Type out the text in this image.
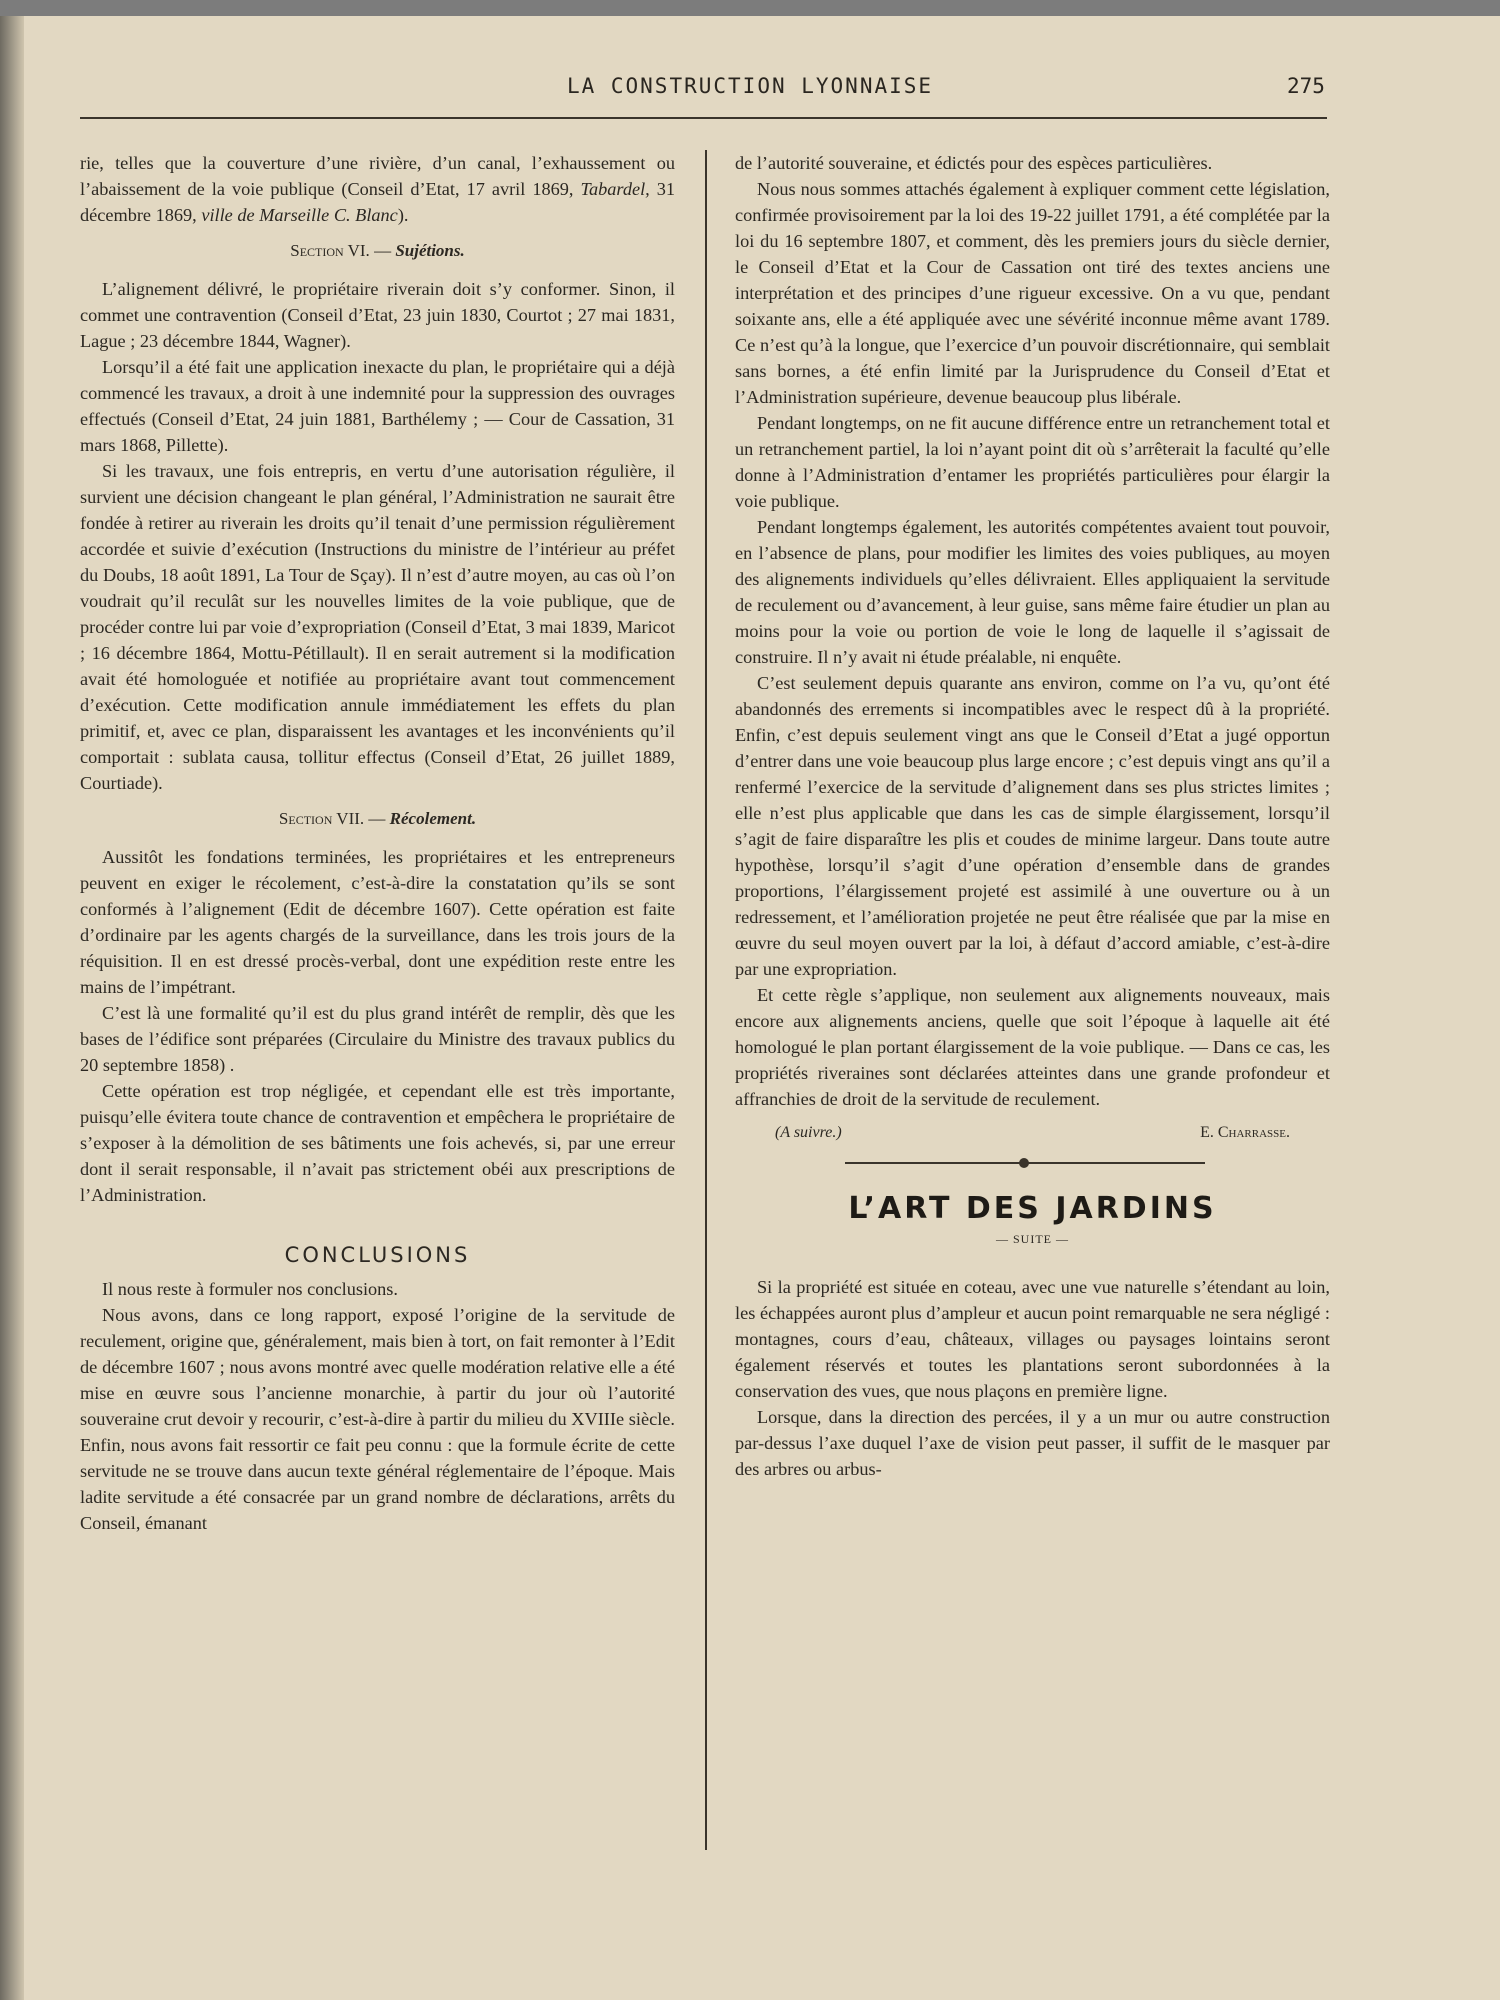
LA CONSTRUCTION LYONNAISE	275

rie, telles que la couverture d’une rivière, d’un canal, l’exhaussement ou l’abaissement de la voie publique (Conseil d’Etat, 17 avril 1869, Tabardel, 31 décembre 1869, ville de Marseille C. Blanc).

Section VI. — Sujétions.

L’alignement délivré, le propriétaire riverain doit s’y conformer. Sinon, il commet une contravention (Conseil d’Etat, 23 juin 1830, Courtot ; 27 mai 1831, Lague ; 23 décembre 1844, Wagner).

Lorsqu’il a été fait une application inexacte du plan, le propriétaire qui a déjà commencé les travaux, a droit à une indemnité pour la suppression des ouvrages effectués (Conseil d’Etat, 24 juin 1881, Barthélemy ; — Cour de Cassation, 31 mars 1868, Pillette).

Si les travaux, une fois entrepris, en vertu d’une autorisation régulière, il survient une décision changeant le plan général, l’Administration ne saurait être fondée à retirer au riverain les droits qu’il tenait d’une permission régulièrement accordée et suivie d’exécution (Instructions du ministre de l’intérieur au préfet du Doubs, 18 août 1891, La Tour de Sçay). Il n’est d’autre moyen, au cas où l’on voudrait qu’il reculât sur les nouvelles limites de la voie publique, que de procéder contre lui par voie d’expropriation (Conseil d’Etat, 3 mai 1839, Maricot ; 16 décembre 1864, Mottu-Pétillault). Il en serait autrement si la modification avait été homologuée et notifiée au propriétaire avant tout commencement d’exécution. Cette modification annule immédiatement les effets du plan primitif, et, avec ce plan, disparaissent les avantages et les inconvénients qu’il comportait : sublata causa, tollitur effectus (Conseil d’Etat, 26 juillet 1889, Courtiade).

Section VII. — Récolement.

Aussitôt les fondations terminées, les propriétaires et les entrepreneurs peuvent en exiger le récolement, c’est-à-dire la constatation qu’ils se sont conformés à l’alignement (Edit de décembre 1607). Cette opération est faite d’ordinaire par les agents chargés de la surveillance, dans les trois jours de la réquisition. Il en est dressé procès-verbal, dont une expédition reste entre les mains de l’impétrant.

C’est là une formalité qu’il est du plus grand intérêt de remplir, dès que les bases de l’édifice sont préparées (Circulaire du Ministre des travaux publics du 20 septembre 1858) .

Cette opération est trop négligée, et cependant elle est très importante, puisqu’elle évitera toute chance de contravention et empêchera le propriétaire de s’exposer à la démolition de ses bâtiments une fois achevés, si, par une erreur dont il serait responsable, il n’avait pas strictement obéi aux prescriptions de l’Administration.

CONCLUSIONS

Il nous reste à formuler nos conclusions.

Nous avons, dans ce long rapport, exposé l’origine de la servitude de reculement, origine que, généralement, mais bien à tort, on fait remonter à l’Edit de décembre 1607 ; nous avons montré avec quelle modération relative elle a été mise en œuvre sous l’ancienne monarchie, à partir du jour où l’autorité souveraine crut devoir y recourir, c’est-à-dire à partir du milieu du XVIIIe siècle. Enfin, nous avons fait ressortir ce fait peu connu : que la formule écrite de cette servitude ne se trouve dans aucun texte général réglementaire de l’époque. Mais ladite servitude a été consacrée par un grand nombre de déclarations, arrêts du Conseil, émanant

de l’autorité souveraine, et édictés pour des espèces particulières.

Nous nous sommes attachés également à expliquer comment cette législation, confirmée provisoirement par la loi des 19-22 juillet 1791, a été complétée par la loi du 16 septembre 1807, et comment, dès les premiers jours du siècle dernier, le Conseil d’Etat et la Cour de Cassation ont tiré des textes anciens une interprétation et des principes d’une rigueur excessive. On a vu que, pendant soixante ans, elle a été appliquée avec une sévérité inconnue même avant 1789. Ce n’est qu’à la longue, que l’exercice d’un pouvoir discrétionnaire, qui semblait sans bornes, a été enfin limité par la Jurisprudence du Conseil d’Etat et l’Administration supérieure, devenue beaucoup plus libérale.

Pendant longtemps, on ne fit aucune différence entre un retranchement total et un retranchement partiel, la loi n’ayant point dit où s’arrêterait la faculté qu’elle donne à l’Administration d’entamer les propriétés particulières pour élargir la voie publique.

Pendant longtemps également, les autorités compétentes avaient tout pouvoir, en l’absence de plans, pour modifier les limites des voies publiques, au moyen des alignements individuels qu’elles délivraient. Elles appliquaient la servitude de reculement ou d’avancement, à leur guise, sans même faire étudier un plan au moins pour la voie ou portion de voie le long de laquelle il s’agissait de construire. Il n’y avait ni étude préalable, ni enquête.

C’est seulement depuis quarante ans environ, comme on l’a vu, qu’ont été abandonnés des errements si incompatibles avec le respect dû à la propriété. Enfin, c’est depuis seulement vingt ans que le Conseil d’Etat a jugé opportun d’entrer dans une voie beaucoup plus large encore ; c’est depuis vingt ans qu’il a renfermé l’exercice de la servitude d’alignement dans ses plus strictes limites ; elle n’est plus applicable que dans les cas de simple élargissement, lorsqu’il s’agit de faire disparaître les plis et coudes de minime largeur. Dans toute autre hypothèse, lorsqu’il s’agit d’une opération d’ensemble dans de grandes proportions, l’élargissement projeté est assimilé à une ouverture ou à un redressement, et l’amélioration projetée ne peut être réalisée que par la mise en œuvre du seul moyen ouvert par la loi, à défaut d’accord amiable, c’est-à-dire par une expropriation.

Et cette règle s’applique, non seulement aux alignements nouveaux, mais encore aux alignements anciens, quelle que soit l’époque à laquelle ait été homologué le plan portant élargissement de la voie publique. — Dans ce cas, les propriétés riveraines sont déclarées atteintes dans une grande profondeur et affranchies de droit de la servitude de reculement.

(A suivre.)	E. Charrasse.
L’ART DES JARDINS
— SUITE —

Si la propriété est située en coteau, avec une vue naturelle s’étendant au loin, les échappées auront plus d’ampleur et aucun point remarquable ne sera négligé : montagnes, cours d’eau, châteaux, villages ou paysages lointains seront également réservés et toutes les plantations seront subordonnées à la conservation des vues, que nous plaçons en première ligne.

Lorsque, dans la direction des percées, il y a un mur ou autre construction par-dessus l’axe duquel l’axe de vision peut passer, il suffit de le masquer par des arbres ou arbus-
